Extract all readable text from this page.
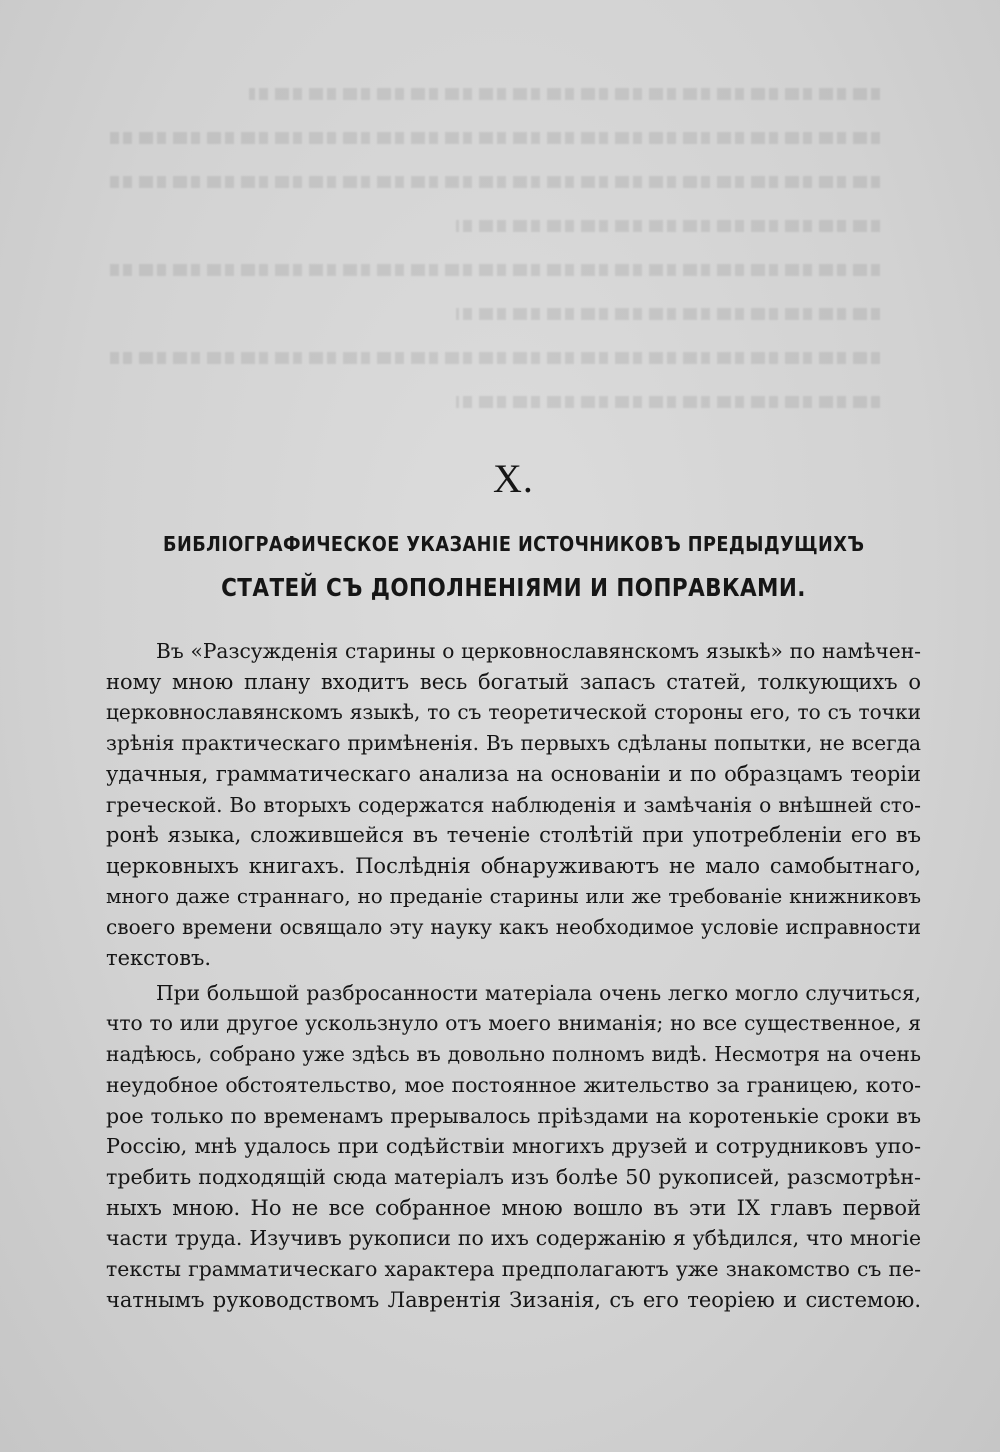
X.
БИБЛІОГРАФИЧЕСКОЕ УКАЗАНІЕ ИСТОЧНИКОВЪ ПРЕДЫДУЩИХЪ
СТАТЕЙ СЪ ДОПОЛНЕНІЯМИ И ПОПРАВКАМИ.

Въ «Разсужденія старины о церковнославянскомъ языкѣ» по намѣчен-
ному мною плану входитъ весь богатый запасъ статей, толкующихъ о
церковнославянскомъ языкѣ, то съ теоретической стороны его, то съ точки
зрѣнія практическаго примѣненія. Въ первыхъ сдѣланы попытки, не всегда
удачныя, грамматическаго анализа на основаніи и по образцамъ теоріи
греческой. Во вторыхъ содержатся наблюденія и замѣчанія о внѣшней сто-
ронѣ языка, сложившейся въ теченіе столѣтій при употребленіи его въ
церковныхъ книгахъ. Послѣднія обнаруживаютъ не мало самобытнаго,
много даже страннаго, но преданіе старины или же требованіе книжниковъ
своего времени освящало эту науку какъ необходимое условіе исправности
текстовъ.

При большой разбросанности матеріала очень легко могло случиться,
что то или другое ускользнуло отъ моего вниманія; но все существенное, я
надѣюсь, собрано уже здѣсь въ довольно полномъ видѣ. Несмотря на очень
неудобное обстоятельство, мое постоянное жительство за границею, кото-
рое только по временамъ прерывалось пріѣздами на коротенькіе сроки въ
Россію, мнѣ удалось при содѣйствіи многихъ друзей и сотрудниковъ упо-
требить подходящій сюда матеріалъ изъ болѣе 50 рукописей, разсмотрѣн-
ныхъ мною. Но не все собранное мною вошло въ эти IX главъ первой
части труда. Изучивъ рукописи по ихъ содержанію я убѣдился, что многіе
тексты грамматическаго характера предполагаютъ уже знакомство съ пе-
чатнымъ руководствомъ Лаврентія Зизанія, съ его теоріею и системою.
